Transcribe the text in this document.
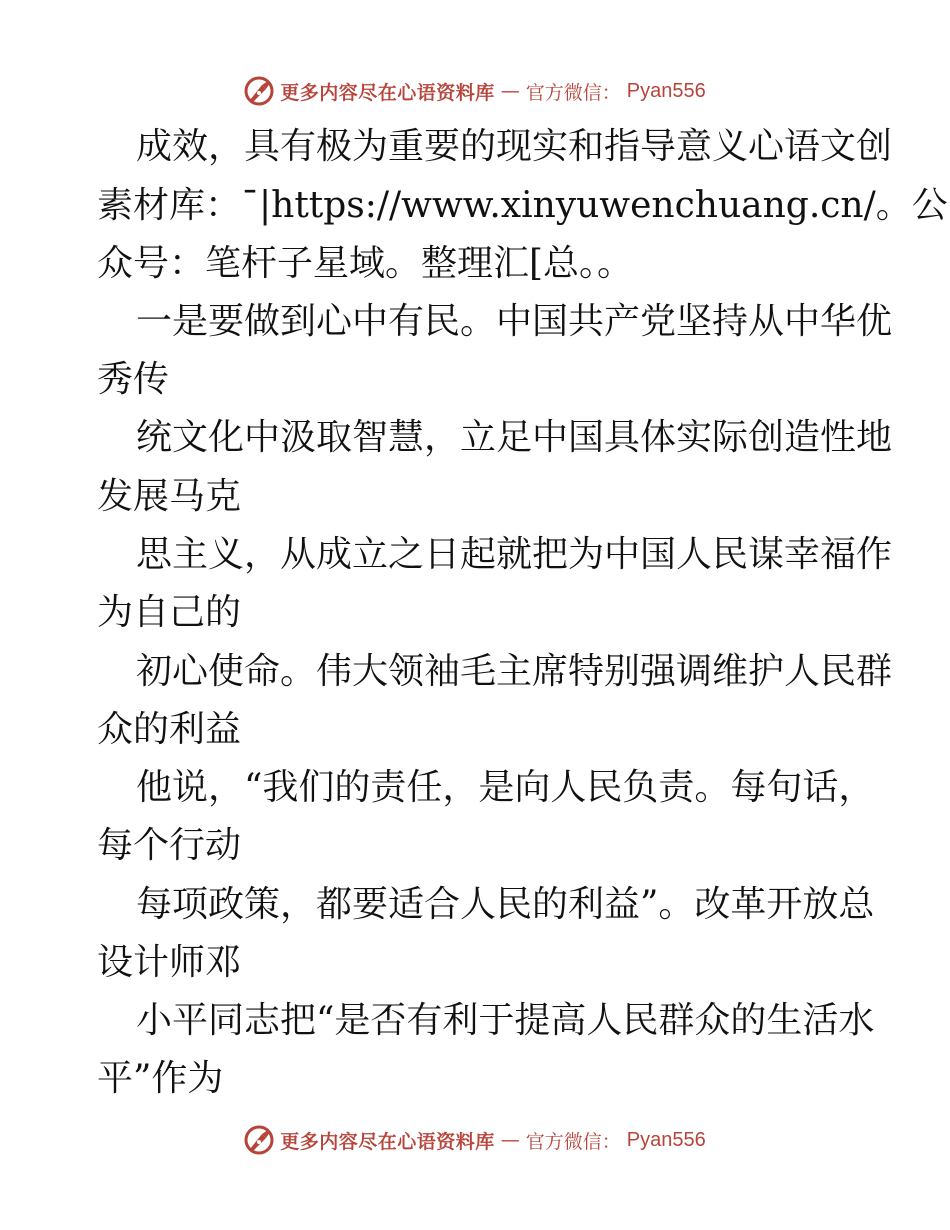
更多内容尽在心语资料库 — 官方微信： Pyan556
成效，具有极为重要的现实和指导意义心语文创
素材库：¯|https://www.xinyuwenchuang.cn/。公
众号：笔杆子星域。整理汇[总。。
一是要做到心中有民。中国共产党坚持从中华优
秀传
统文化中汲取智慧，立足中国具体实际创造性地
发展马克
思主义，从成立之日起就把为中国人民谋幸福作
为自己的
初心使命。伟大领袖毛主席特别强调维护人民群
众的利益
他说，“我们的责任，是向人民负责。每句话，
每个行动
每项政策，都要适合人民的利益”。改革开放总
设计师邓
小平同志把“是否有利于提高人民群众的生活水
平”作为
更多内容尽在心语资料库 — 官方微信： Pyan556
